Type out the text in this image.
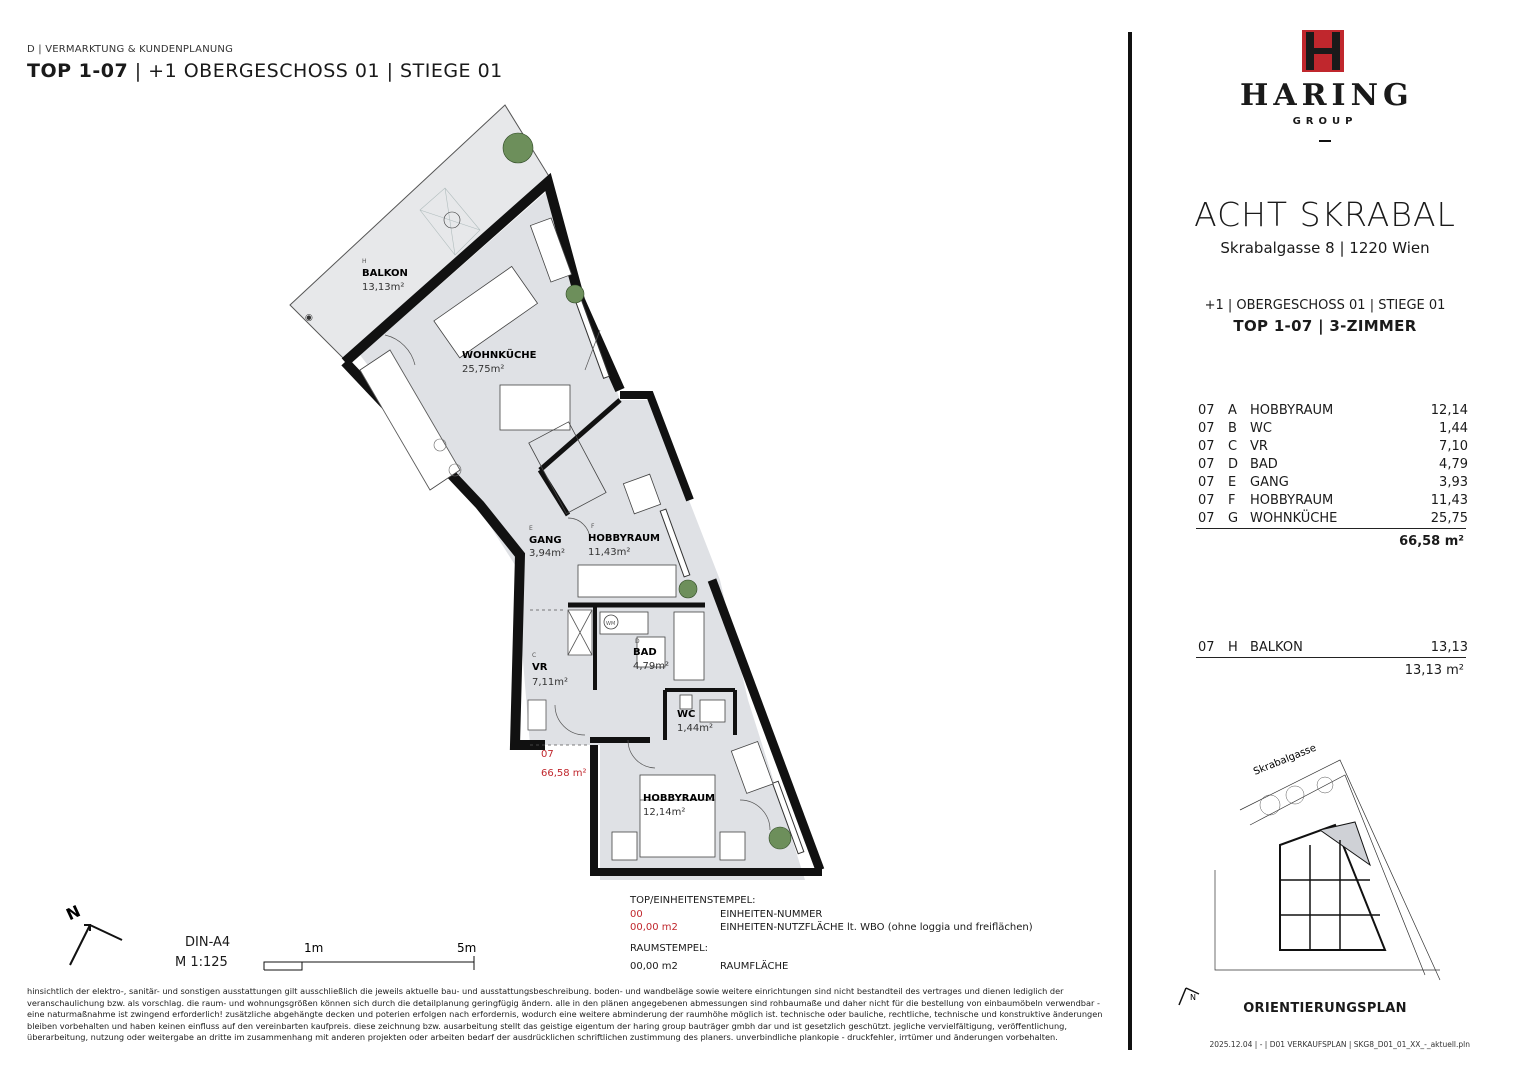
D | VERMARKTUNG & KUNDENPLANUNG
TOP 1-07 | +1 OBERGESCHOSS 01 | STIEGE 01
◉
H
BALKON
13,13m²
WOHNKÜCHE
25,75m²
E
GANG
3,94m²
F
HOBBYRAUM
11,43m²
WM
D
BAD
4,79m²
C
VR
7,11m²
WC
1,44m²
HOBBYRAUM
12,14m²
07
66,58 m²
N
DIN-A4
M 1:125
1m	5m
TOP/EINHEITENSTEMPEL:
00	EINHEITEN-NUMMER
00,00 m2	EINHEITEN-NUTZFLÄCHE lt. WBO (ohne loggia und freiflächen)
RAUMSTEMPEL:
00,00 m2	RAUMFLÄCHE
hinsichtlich der elektro-, sanitär- und sonstigen ausstattungen gilt ausschließlich die jeweils aktuelle bau- und ausstattungsbeschreibung. boden- und wandbeläge sowie weitere einrichtungen sind nicht bestandteil des vertrages und dienen lediglich der veranschaulichung bzw. als vorschlag. die raum- und wohnungsgrößen können sich durch die detailplanung geringfügig ändern. alle in den plänen angegebenen abmessungen sind rohbaumaße und daher nicht für die bestellung von einbaumöbeln verwendbar - eine naturmaßnahme ist zwingend erforderlich! zusätzliche abgehängte decken und poterien erfolgen nach erfordernis, wodurch eine weitere abminderung der raumhöhe möglich ist. technische oder bauliche, rechtliche, technische und konstruktive änderungen bleiben vorbehalten und haben keinen einfluss auf den vereinbarten kaufpreis. diese zeichnung bzw. ausarbeitung stellt das geistige eigentum der haring group bauträger gmbh dar und ist gesetzlich geschützt. jegliche vervielfältigung, veröffentlichung, überarbeitung, nutzung oder weitergabe an dritte im zusammenhang mit anderen projekten oder arbeiten bedarf der ausdrücklichen schriftlichen zustimmung des planers. unverbindliche plankopie - druckfehler, irrtümer und änderungen vorbehalten.
HARING
GROUP
ACHT SKRABAL
Skrabalgasse 8 | 1220 Wien
+1 | OBERGESCHOSS 01 | STIEGE 01
TOP 1-07 | 3-ZIMMER
07	A	HOBBYRAUM	12,14
07	B	WC	1,44
07	C	VR	7,10
07	D	BAD	4,79
07	E	GANG	3,93
07	F	HOBBYRAUM	11,43
07	G	WOHNKÜCHE	25,75
66,58 m²
07	H	BALKON	13,13
13,13 m²
Skrabalgasse
N
ORIENTIERUNGSPLAN
2025.12.04 | - | D01 VERKAUFSPLAN | SKG8_D01_01_XX_-_aktuell.pln
